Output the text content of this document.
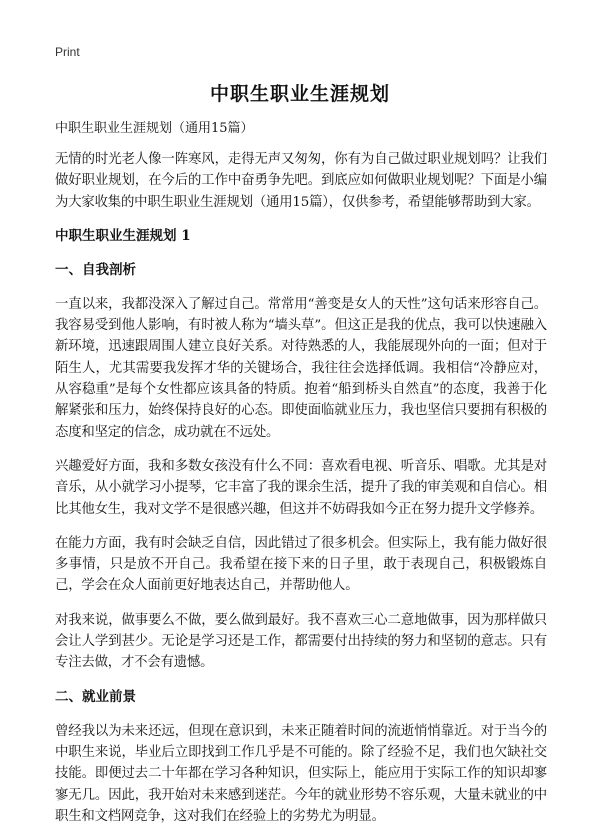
Print
中职生职业生涯规划
中职生职业生涯规划（通用15篇）

无情的时光老人像一阵寒风，走得无声又匆匆，你有为自己做过职业规划吗？让我们做好职业规划，在今后的工作中奋勇争先吧。到底应如何做职业规划呢？下面是小编为大家收集的中职生职业生涯规划（通用15篇），仅供参考，希望能够帮助到大家。

中职生职业生涯规划 1
一、自我剖析

一直以来，我都没深入了解过自己。常常用“善变是女人的天性”这句话来形容自己。我容易受到他人影响，有时被人称为“墙头草”。但这正是我的优点，我可以快速融入新环境，迅速跟周围人建立良好关系。对待熟悉的人，我能展现外向的一面；但对于陌生人，尤其需要我发挥才华的关键场合，我往往会选择低调。我相信“冷静应对，从容稳重”是每个女性都应该具备的特质。抱着“船到桥头自然直”的态度，我善于化解紧张和压力，始终保持良好的心态。即使面临就业压力，我也坚信只要拥有积极的态度和坚定的信念，成功就在不远处。

兴趣爱好方面，我和多数女孩没有什么不同：喜欢看电视、听音乐、唱歌。尤其是对音乐，从小就学习小提琴，它丰富了我的课余生活，提升了我的审美观和自信心。相比其他女生，我对文学不是很感兴趣，但这并不妨碍我如今正在努力提升文学修养。

在能力方面，我有时会缺乏自信，因此错过了很多机会。但实际上，我有能力做好很多事情，只是放不开自己。我希望在接下来的日子里，敢于表现自己，积极锻炼自己，学会在众人面前更好地表达自己，并帮助他人。

对我来说，做事要么不做，要么做到最好。我不喜欢三心二意地做事，因为那样做只会让人学到甚少。无论是学习还是工作，都需要付出持续的努力和坚韧的意志。只有专注去做，才不会有遗憾。

二、就业前景

曾经我以为未来还远，但现在意识到，未来正随着时间的流逝悄悄靠近。对于当今的中职生来说，毕业后立即找到工作几乎是不可能的。除了经验不足，我们也欠缺社交技能。即便过去二十年都在学习各种知识，但实际上，能应用于实际工作的知识却寥寥无几。因此，我开始对未来感到迷茫。今年的就业形势不容乐观，大量未就业的中职生和文档网竞争，这对我们在经验上的劣势尤为明显。
